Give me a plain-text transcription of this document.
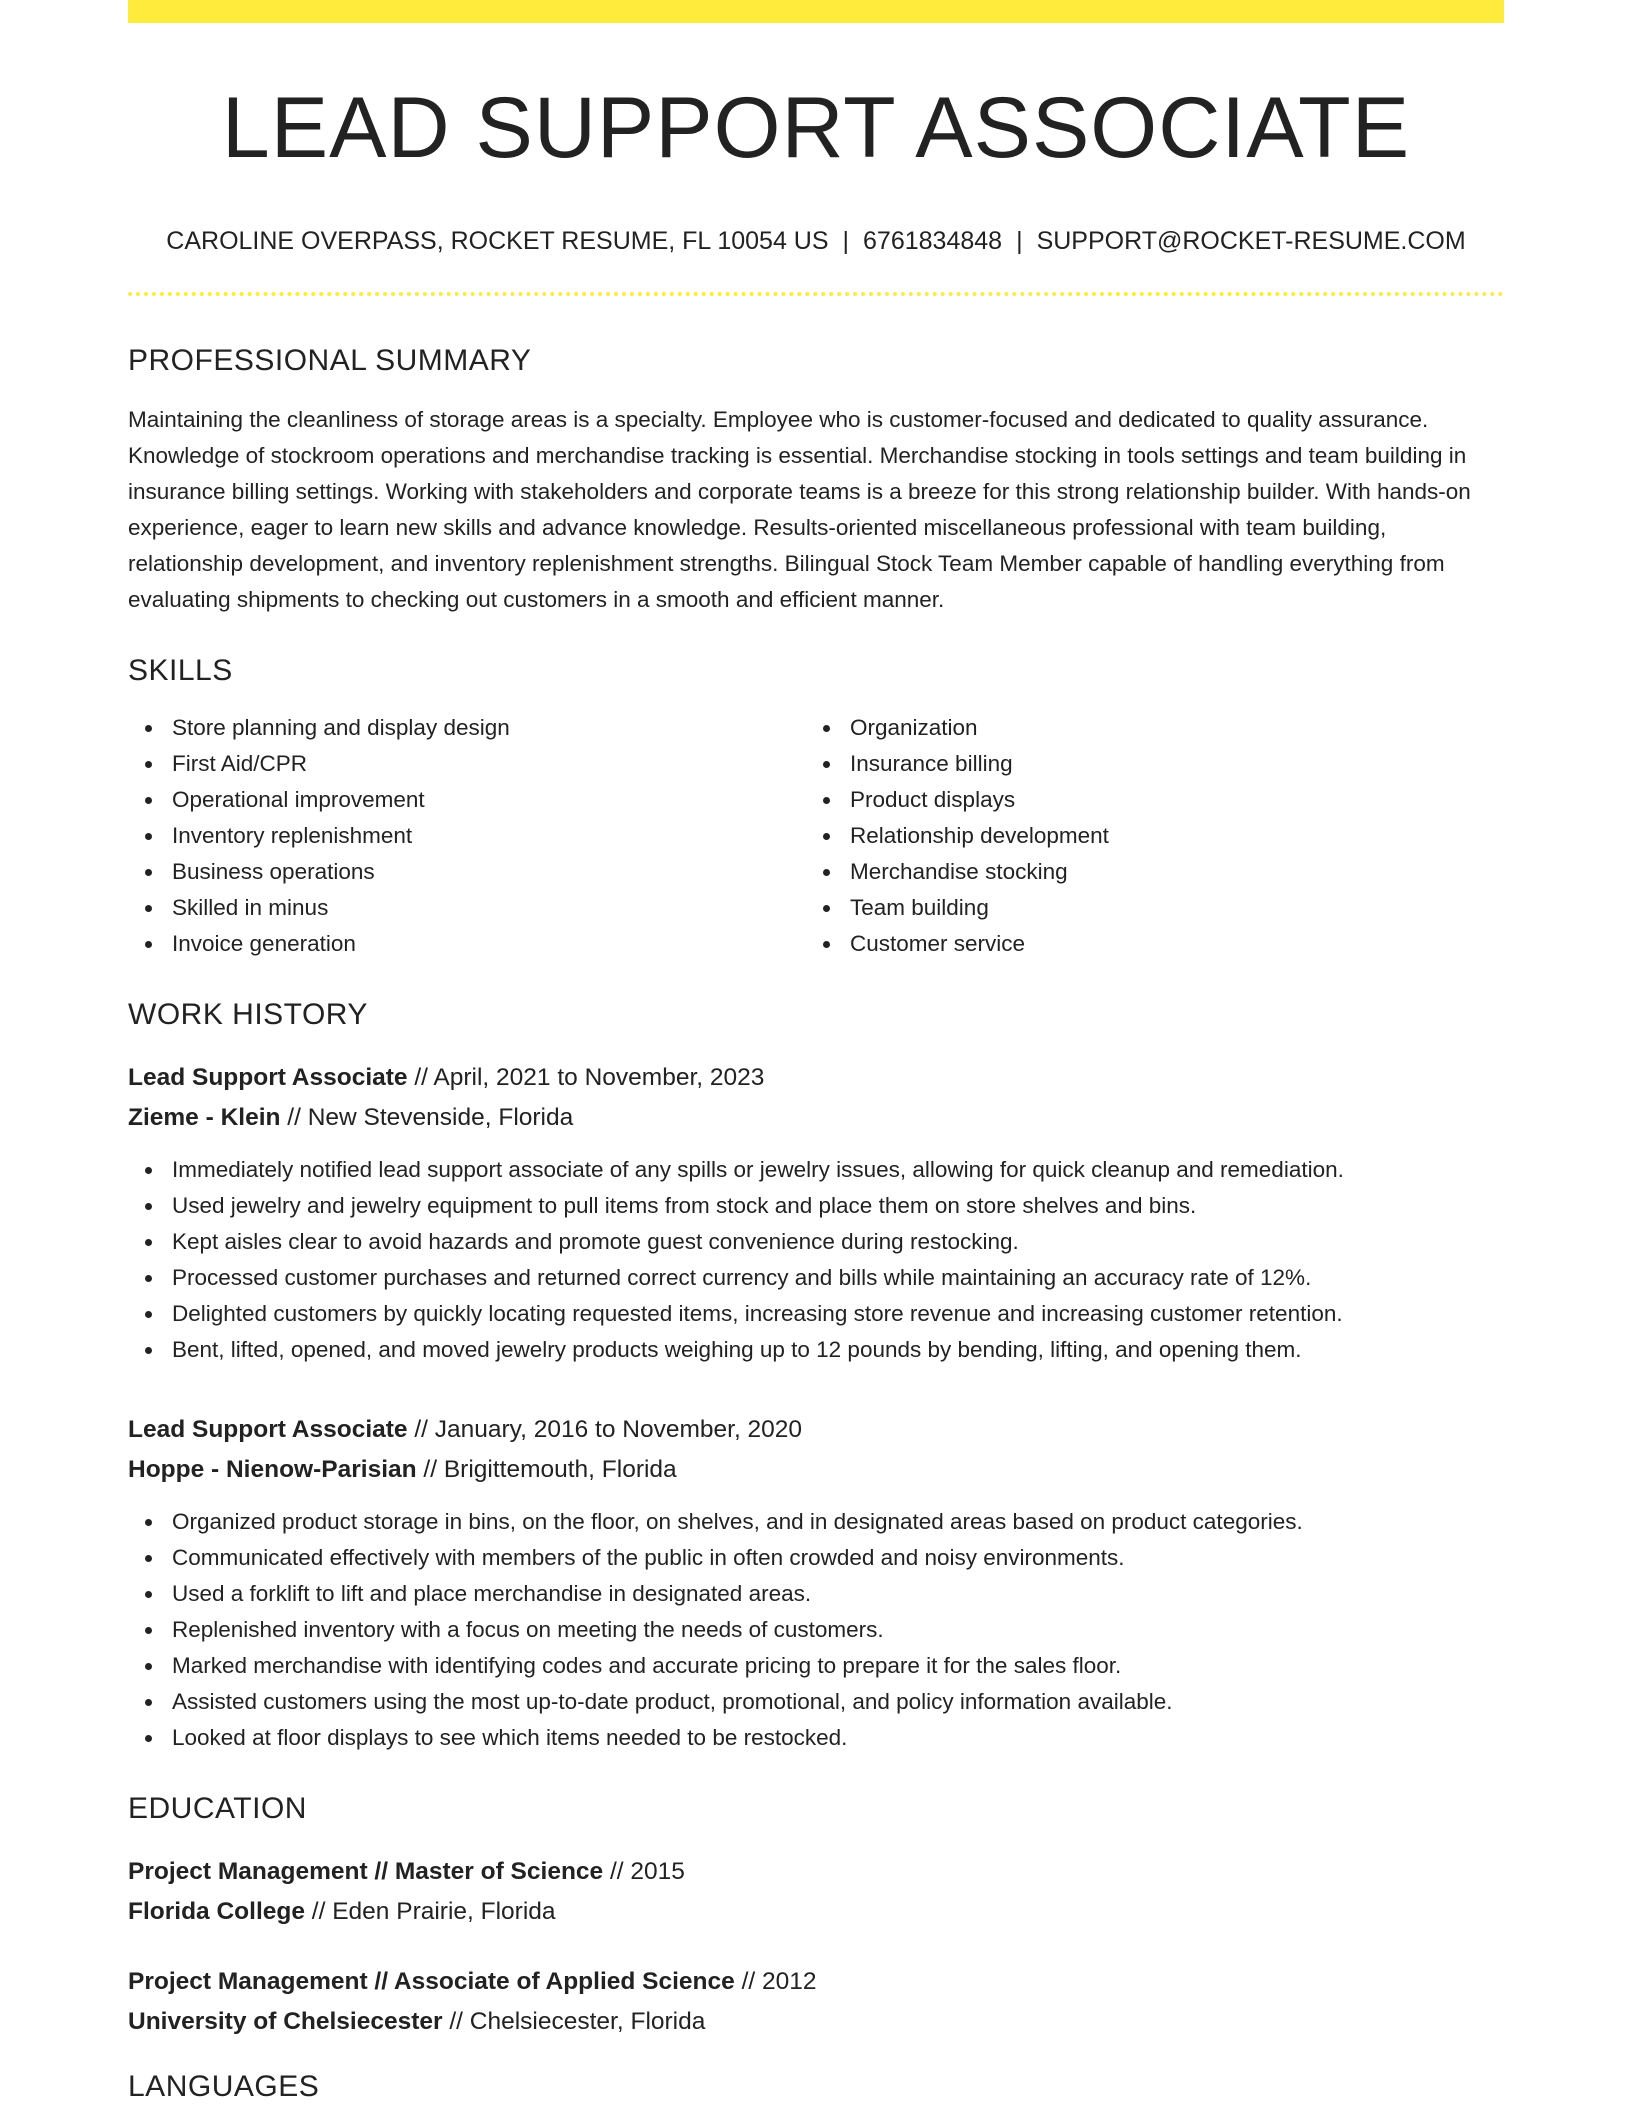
LEAD SUPPORT ASSOCIATE
CAROLINE OVERPASS, ROCKET RESUME, FL 10054 US | 6761834848 | SUPPORT@ROCKET-RESUME.COM
PROFESSIONAL SUMMARY

Maintaining the cleanliness of storage areas is a specialty. Employee who is customer-focused and dedicated to quality assurance. Knowledge of stockroom operations and merchandise tracking is essential. Merchandise stocking in tools settings and team building in insurance billing settings. Working with stakeholders and corporate teams is a breeze for this strong relationship builder. With hands-on experience, eager to learn new skills and advance knowledge. Results-oriented miscellaneous professional with team building, relationship development, and inventory replenishment strengths. Bilingual Stock Team Member capable of handling everything from evaluating shipments to checking out customers in a smooth and efficient manner.

SKILLS
Store planning and display design
First Aid/CPR
Operational improvement
Inventory replenishment
Business operations
Skilled in minus
Invoice generation
Organization
Insurance billing
Product displays
Relationship development
Merchandise stocking
Team building
Customer service
WORK HISTORY
Lead Support Associate // April, 2021 to November, 2023
Zieme - Klein // New Stevenside, Florida
Immediately notified lead support associate of any spills or jewelry issues, allowing for quick cleanup and remediation.
Used jewelry and jewelry equipment to pull items from stock and place them on store shelves and bins.
Kept aisles clear to avoid hazards and promote guest convenience during restocking.
Processed customer purchases and returned correct currency and bills while maintaining an accuracy rate of 12%.
Delighted customers by quickly locating requested items, increasing store revenue and increasing customer retention.
Bent, lifted, opened, and moved jewelry products weighing up to 12 pounds by bending, lifting, and opening them.
Lead Support Associate // January, 2016 to November, 2020
Hoppe - Nienow-Parisian // Brigittemouth, Florida
Organized product storage in bins, on the floor, on shelves, and in designated areas based on product categories.
Communicated effectively with members of the public in often crowded and noisy environments.
Used a forklift to lift and place merchandise in designated areas.
Replenished inventory with a focus on meeting the needs of customers.
Marked merchandise with identifying codes and accurate pricing to prepare it for the sales floor.
Assisted customers using the most up-to-date product, promotional, and policy information available.
Looked at floor displays to see which items needed to be restocked.
EDUCATION
Project Management // Master of Science // 2015
Florida College // Eden Prairie, Florida
Project Management // Associate of Applied Science // 2012
University of Chelsiecester // Chelsiecester, Florida
LANGUAGES
